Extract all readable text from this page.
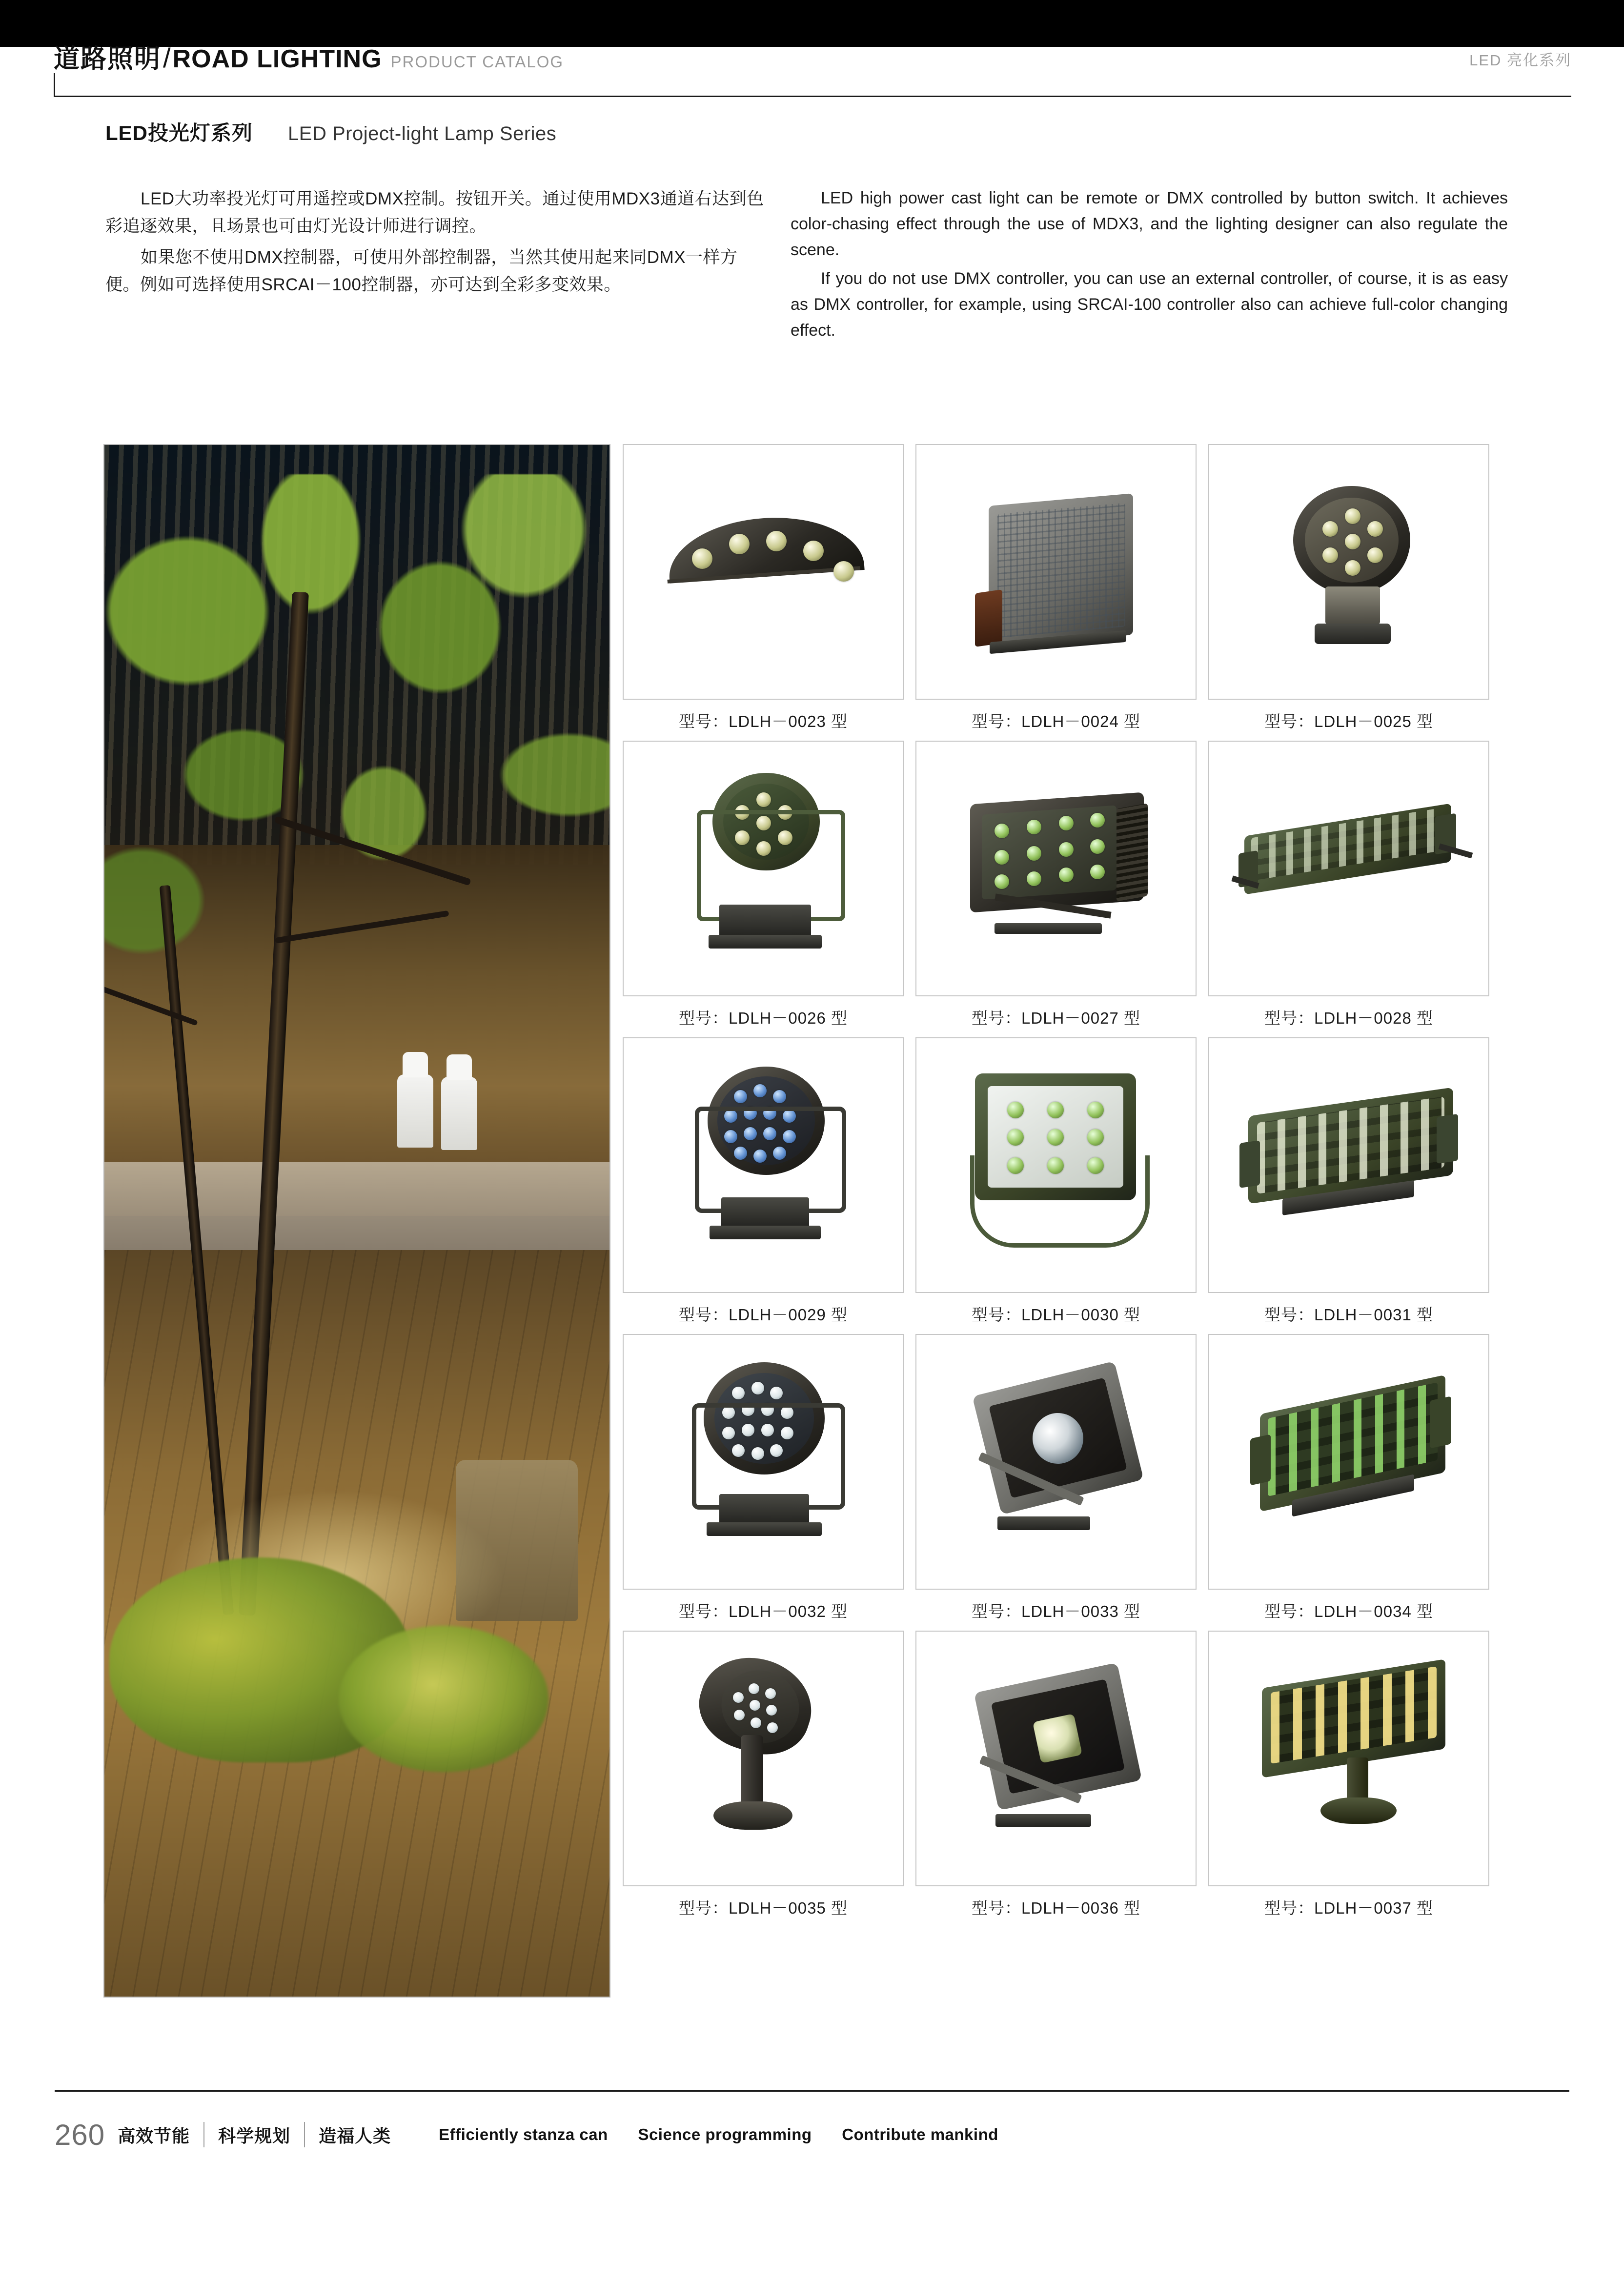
道路照明 / ROAD LIGHTING PRODUCT CATALOG	LED 亮化系列
LED投光灯系列 LED Project-light Lamp Series

LED大功率投光灯可用遥控或DMX控制。按钮开关。通过使用MDX3通道右达到色彩追逐效果，且场景也可由灯光设计师进行调控。

如果您不使用DMX控制器，可使用外部控制器，当然其使用起来同DMX一样方便。例如可选择使用SRCAI－100控制器，亦可达到全彩多变效果。

LED high power cast light can be remote or DMX controlled by button switch. It achieves color-chasing effect through the use of MDX3, and the lighting designer can also regulate the scene.

If you do not use DMX controller, you can use an external controller, of course, it is as easy as DMX controller, for example, using SRCAI-100 controller also can achieve full-color changing effect.

型号：LDLH－0023 型	型号：LDLH－0024 型	型号：LDLH－0025 型
型号：LDLH－0026 型	型号：LDLH－0027 型	型号：LDLH－0028 型
型号：LDLH－0029 型	型号：LDLH－0030 型	型号：LDLH－0031 型
型号：LDLH－0032 型	型号：LDLH－0033 型	型号：LDLH－0034 型
型号：LDLH－0035 型	型号：LDLH－0036 型	型号：LDLH－0037 型
260 高效节能	科学规划	造福人类	Efficiently stanza can Science programming Contribute mankind
